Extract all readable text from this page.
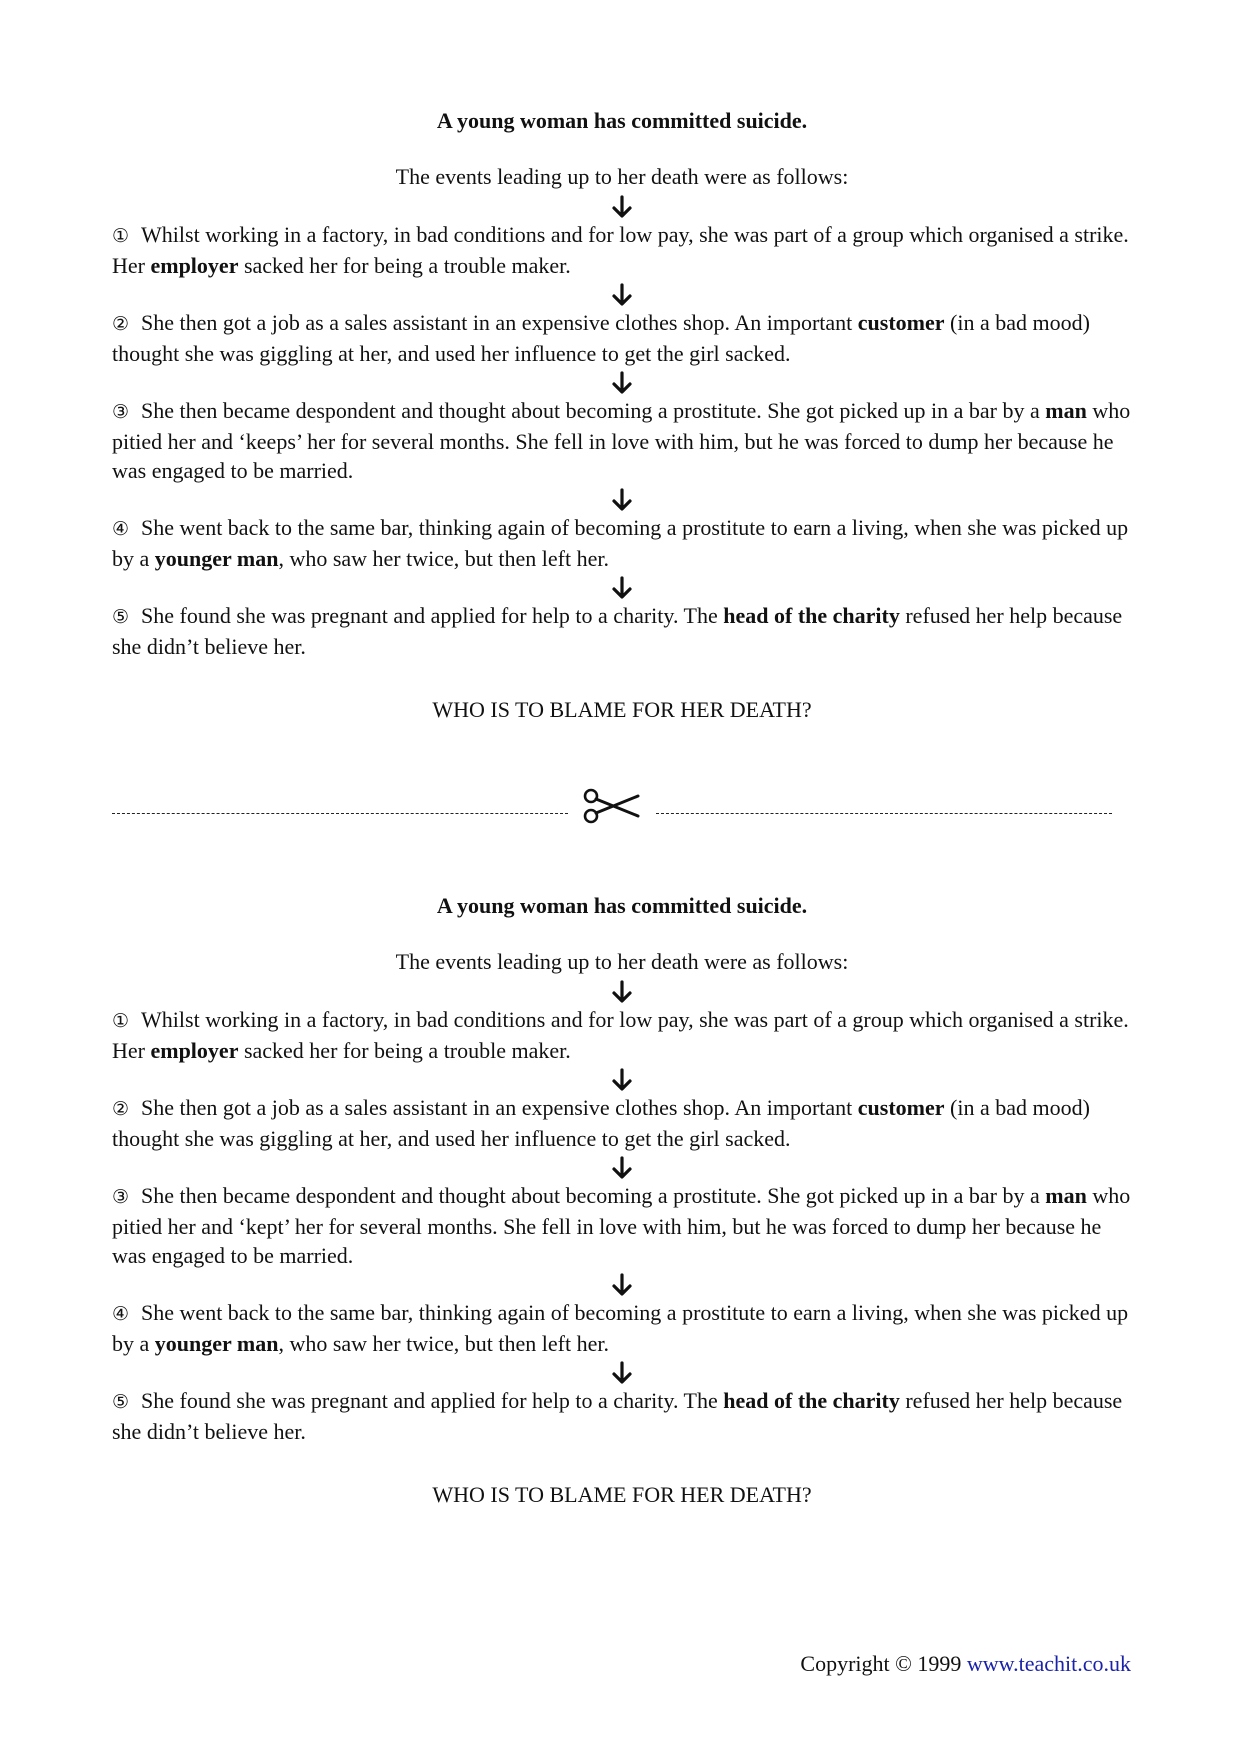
A young woman has committed suicide.

The events leading up to her death were as follows:

① Whilst working in a factory, in bad conditions and for low pay, she was part of a group which organised a strike. Her employer sacked her for being a trouble maker.

② She then got a job as a sales assistant in an expensive clothes shop. An important customer (in a bad mood) thought she was giggling at her, and used her influence to get the girl sacked.

③ She then became despondent and thought about becoming a prostitute. She got picked up in a bar by a man who pitied her and ‘keeps’ her for several months. She fell in love with him, but he was forced to dump her because he was engaged to be married.

④ She went back to the same bar, thinking again of becoming a prostitute to earn a living, when she was picked up by a younger man, who saw her twice, but then left her.

⑤ She found she was pregnant and applied for help to a charity. The head of the charity refused her help because she didn’t believe her.

WHO IS TO BLAME FOR HER DEATH?

A young woman has committed suicide.

The events leading up to her death were as follows:

① Whilst working in a factory, in bad conditions and for low pay, she was part of a group which organised a strike. Her employer sacked her for being a trouble maker.

② She then got a job as a sales assistant in an expensive clothes shop. An important customer (in a bad mood) thought she was giggling at her, and used her influence to get the girl sacked.

③ She then became despondent and thought about becoming a prostitute. She got picked up in a bar by a man who pitied her and ‘kept’ her for several months. She fell in love with him, but he was forced to dump her because he was engaged to be married.

④ She went back to the same bar, thinking again of becoming a prostitute to earn a living, when she was picked up by a younger man, who saw her twice, but then left her.

⑤ She found she was pregnant and applied for help to a charity. The head of the charity refused her help because she didn’t believe her.

WHO IS TO BLAME FOR HER DEATH?

Copyright © 1999 www.teachit.co.uk
